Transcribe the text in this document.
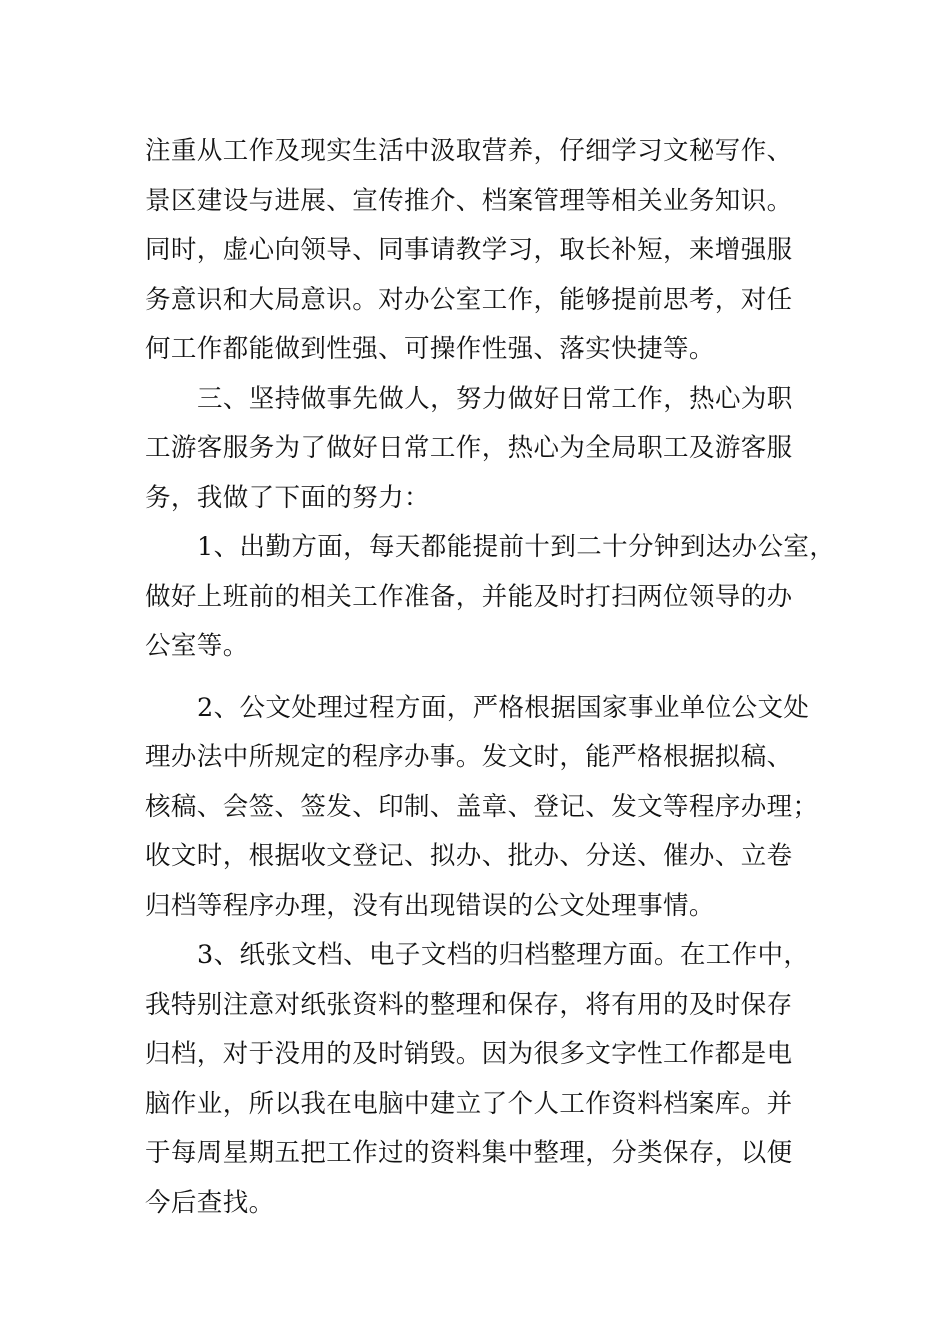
注重从工作及现实生活中汲取营养，仔细学习文秘写作、
景区建设与进展、宣传推介、档案管理等相关业务知识。
同时，虚心向领导、同事请教学习，取长补短，来增强服
务意识和大局意识。对办公室工作，能够提前思考，对任
何工作都能做到性强、可操作性强、落实快捷等。
三、坚持做事先做人，努力做好日常工作，热心为职
工游客服务为了做好日常工作，热心为全局职工及游客服
务，我做了下面的努力：
1、出勤方面，每天都能提前十到二十分钟到达办公室，
做好上班前的相关工作准备，并能及时打扫两位领导的办
公室等。
2、公文处理过程方面，严格根据国家事业单位公文处
理办法中所规定的程序办事。发文时，能严格根据拟稿、
核稿、会签、签发、印制、盖章、登记、发文等程序办理；
收文时，根据收文登记、拟办、批办、分送、催办、立卷
归档等程序办理，没有出现错误的公文处理事情。
3、纸张文档、电子文档的归档整理方面。在工作中，
我特别注意对纸张资料的整理和保存，将有用的及时保存
归档，对于没用的及时销毁。因为很多文字性工作都是电
脑作业，所以我在电脑中建立了个人工作资料档案库。并
于每周星期五把工作过的资料集中整理，分类保存，以便
今后查找。
